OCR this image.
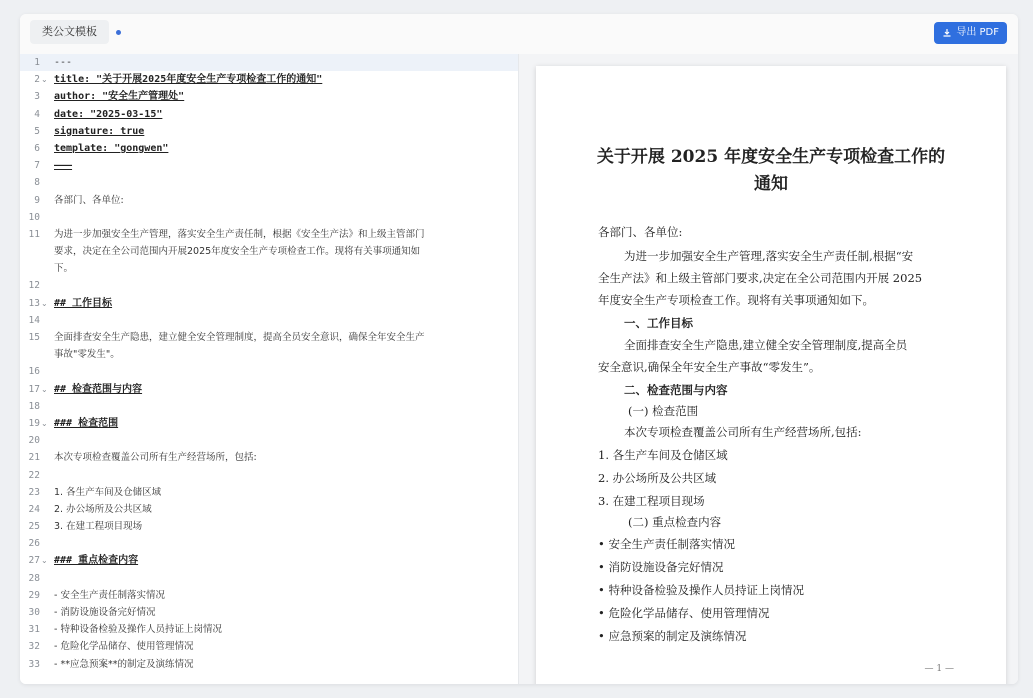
类公文模板	导出 PDF
1 ---
2 ⌄ title: "关于开展2025年度安全生产专项检查工作的通知"
3 author: "安全生产管理处"
4 date: "2025-03-15"
5 signature: true
6 template: "gongwen"
7 ———
8
9 各部门、各单位:
10
11 为进一步加强安全生产管理，落实安全生产责任制，根据《安全生产法》和上级主管部门
要求，决定在全公司范围内开展2025年度安全生产专项检查工作。现将有关事项通知如
下。
12
13 ⌄ ## 工作目标
14
15 全面排查安全生产隐患，建立健全安全管理制度，提高全员安全意识，确保全年安全生产
事故"零发生"。
16
17 ⌄ ## 检查范围与内容
18
19 ⌄ ### 检查范围
20
21 本次专项检查覆盖公司所有生产经营场所，包括:
22
23 1. 各生产车间及仓储区域
24 2. 办公场所及公共区域
25 3. 在建工程项目现场
26
27 ⌄ ### 重点检查内容
28
29 - 安全生产责任制落实情况
30 - 消防设施设备完好情况
31 - 特种设备检验及操作人员持证上岗情况
32 - 危险化学品储存、使用管理情况
33 - **应急预案**的制定及演练情况
关于开展 2025 年度安全生产专项检查工作的
通知
各部门、各单位:
为进一步加强安全生产管理,落实安全生产责任制,根据“安
全生产法》和上级主管部门要求,决定在全公司范围内开展 2025
年度安全生产专项检查工作。现将有关事项通知如下。
一、工作目标
全面排查安全生产隐患,建立健全安全管理制度,提高全员
安全意识,确保全年安全生产事故“零发生”。
二、检查范围与内容
(一) 检查范围
本次专项检查覆盖公司所有生产经营场所,包括:
1. 各生产车间及仓储区域
2. 办公场所及公共区域
3. 在建工程项目现场
(二) 重点检查内容
• 安全生产责任制落实情况
• 消防设施设备完好情况
• 特种设备检验及操作人员持证上岗情况
• 危险化学品储存、使用管理情况
• 应急预案的制定及演练情况
— 1 —
